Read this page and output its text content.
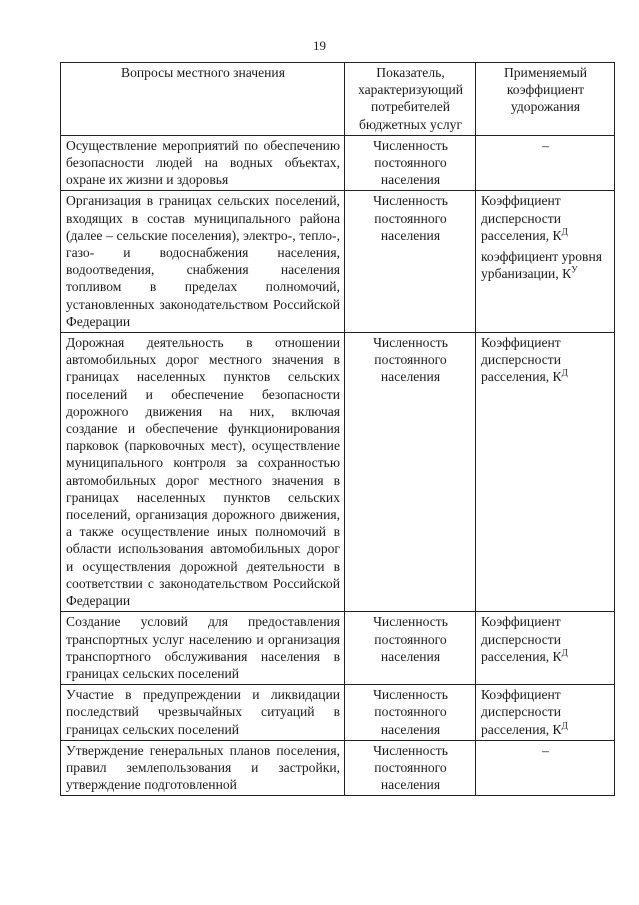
19
Вопросы местного значения	Показатель, характеризующий потребителей бюджетных услуг	Применяемый коэффициент удорожания
Осуществление мероприятий по обеспечению безопасности людей на водных объектах, охране их жизни и здоровья	Численность постоянного населения	–
Организация в границах сельских поселений, входящих в состав муниципального района (далее – сельские поселения), электро-, тепло-, газо- и водоснабжения населения, водоотведения, снабжения населения топливом в пределах полномочий, установленных законодательством Российской Федерации	Численность постоянного населения	Коэффициент дисперсности расселения, $К^Д$
коэффициент уровня урбанизации, $К^У$

Дорожная деятельность в отношении автомобильных дорог местного значения в границах населенных пунктов сельских поселений и обеспечение безопасности дорожного движения на них, включая создание и обеспечение функционирования парковок (парковочных мест), осуществление муниципального контроля за сохранностью автомобильных дорог местного значения в границах населенных пунктов сельских поселений, организация дорожного движения, а также осуществление иных полномочий в области использования автомобильных дорог и осуществления дорожной деятельности в соответствии с законодательством Российской Федерации	Численность постоянного населения	Коэффициент дисперсности расселения, $К^Д$

Создание условий для предоставления транспортных услуг населению и организация транспортного обслуживания населения в границах сельских поселений	Численность постоянного населения	Коэффициент дисперсности расселения, $К^Д$

Участие в предупреждении и ликвидации последствий чрезвычайных ситуаций в границах сельских поселений	Численность постоянного населения	Коэффициент дисперсности расселения, $К^Д$

Утверждение генеральных планов поселения, правил землепользования и застройки, утверждение подготовленной	Численность постоянного населения	–
